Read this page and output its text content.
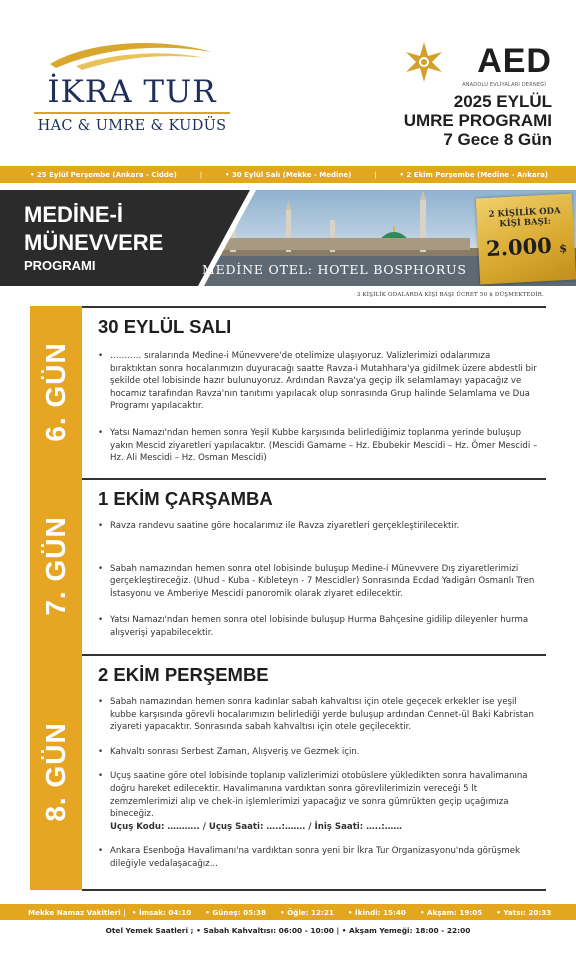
İKRA TUR
HAC & UMRE & KUDÜS
AED
ANADOLU EVLİYALARI DERNEĞİ
2025 EYLÜL
UMRE PROGRAMI
7 Gece 8 Gün
• 25 Eylül Perşembe (Ankara - Cidde)	|	• 30 Eylül Salı (Mekke - Medine)	|	• 2 Ekim Perşembe (Medine - Ankara)
MEDİNE-İ
MÜNEVVERE
PROGRAMI	MEDİNE OTEL: HOTEL BOSPHORUS
2 KİŞİLİK ODA
KİŞİ BAŞI:
2.000 $
3 KİŞİLİK ODALARDA KİŞİ BAŞI ÜCRET 50 $ DÜŞMEKTEDİR.
6. GÜN
30 EYLÜL SALI
• ……….. sıralarında Medine-i Münevvere'de otelimize ulaşıyoruz. Valizlerimizi odalarımıza bıraktıktan sonra hocalarımızın duyuracağı saatte Ravza-i Mutahhara'ya gidilmek üzere abdestli bir şekilde otel lobisinde hazır bulunuyoruz. Ardından Ravza'ya geçip ilk selamlamayı yapacağız ve hocamız tarafından Ravza'nın tanıtımı yapılacak olup sonrasında Grup halinde Selamlama ve Dua Programı yapılacaktır.
• Yatsı Namazı'ndan hemen sonra Yeşil Kubbe karşısında belirlediğimiz toplanma yerinde buluşup yakın Mescid ziyaretleri yapılacaktır. (Mescidi Gamame – Hz. Ebubekir Mescidi – Hz. Ömer Mescidi – Hz. Ali Mescidi – Hz. Osman Mescidi)
7. GÜN
1 EKİM ÇARŞAMBA
• Ravza randevu saatine göre hocalarımız ile Ravza ziyaretleri gerçekleştirilecektir.
• Sabah namazından hemen sonra otel lobisinde buluşup Medine-i Münevvere Dış ziyaretlerimizi gerçekleştireceğiz. (Uhud - Kuba - Kıbleteyn - 7 Mescidler) Sonrasında Ecdad Yadigârı Osmanlı Tren İstasyonu ve Amberiye Mescidi panoromik olarak ziyaret edilecektir.
• Yatsı Namazı'ndan hemen sonra otel lobisinde buluşup Hurma Bahçesine gidilip dileyenler hurma alışverişi yapabilecektir.
8. GÜN
2 EKİM PERŞEMBE
• Sabah namazından hemen sonra kadınlar sabah kahvaltısı için otele geçecek erkekler ise yeşil kubbe karşısında görevli hocalarımızın belirlediği yerde buluşup ardından Cennet-ül Baki Kabristan ziyareti yapacaktır. Sonrasında sabah kahvaltısı için otele geçilecektir.
• Kahvaltı sonrası Serbest Zaman, Alışveriş ve Gezmek için.
• Uçuş saatine göre otel lobisinde toplanıp valizlerimizi otobüslere yükledikten sonra havalimanına doğru hareket edilecektir. Havalimanına vardıktan sonra görevlilerimizin vereceği 5 lt zemzemlerimizi alıp ve chek-in işlemlerimizi yapacağız ve sonra gümrükten geçip uçağımıza bineceğiz.
Uçuş Kodu: ……….. / Uçuş Saati: …..:……. / İniş Saati: …..:……
• Ankara Esenboğa Havalimanı'na vardıktan sonra yeni bir İkra Tur Organizasyonu'nda görüşmek dileğiyle vedalaşacağız...
Mekke Namaz Vakitleri | • İmsak: 04:10 • Güneş: 05:38 • Öğle: 12:21 • İkindi: 15:40 • Akşam: 19:05 • Yatsı: 20:33
Otel Yemek Saatleri ; • Sabah Kahvaltısı: 06:00 - 10:00 | • Akşam Yemeği: 18:00 - 22:00
